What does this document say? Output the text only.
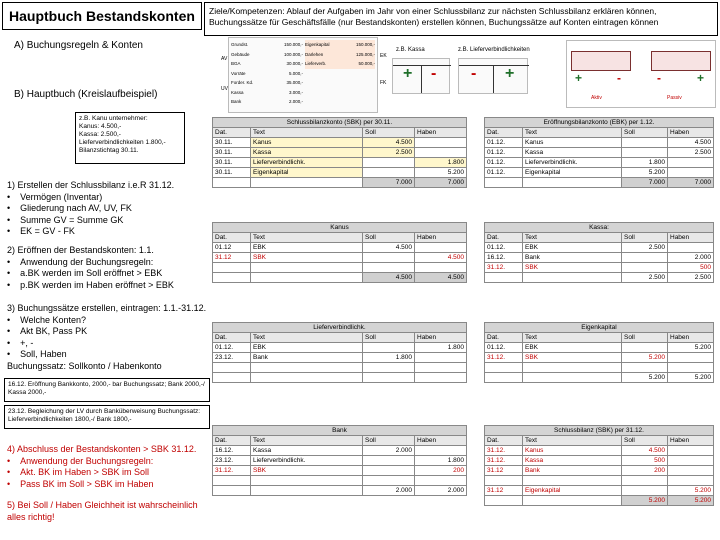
Hauptbuch Bestandskonten	Ziele/Kompetenzen: Ablauf der Aufgaben im Jahr von einer Schlussbilanz zur nächsten Schlussbilanz erklären können, Buchungssätze für Geschäftsfälle (nur Bestandskonten) erstellen können, Buchungssätze auf Konten eintragen können
A) Buchungsregeln & Konten
B) Hauptbuch (Kreislaufbeispiel)
z.B. Kanu unternehmer:
Kanus: 4.500,-
Kassa: 2.500,-
Lieferverbindlichkeiten 1.800,-
Bilanzstichtag 30.11.
1) Erstellen der Schlussbilanz i.e.R 31.12.
•    Vermögen (Inventar)
•    Gliederung nach AV, UV, FK
•    Summe GV = Summe GK
•    EK = GV - FK
2) Eröffnen der Bestandskonten: 1.1.
•    Anwendung der Buchungsregeln:
•    a.BK werden im Soll eröffnet > EBK
•    p.BK werden im Haben eröffnet > EBK
3) Buchungssätze erstellen, eintragen: 1.1.-31.12.
•    Welche Konten?
•    Akt BK, Pass PK
•    +, -
•    Soll, Haben
Buchungssatz: Sollkonto / Habenkonto
16.12. Eröffnung Bankkonto, 2000,- bar Buchungssatz; Bank 2000,-/ Kassa 2000,-
23.12. Begleichung der LV durch Banküberweisung Buchungssatz: Lieferverbindlichkeiten 1800,-/ Bank 1800,-
4) Abschluss der Bestandskonten > SBK 31.12.
•    Anwendung der Buchungsregeln:
•    Akt. BK im Haben > SBK im Soll
•    Pass BK im Soll > SBK im Haben
5) Bei Soll / Haben Gleichheit ist wahrscheinlich alles richtig!
Grundst.	150.000,-
Gebäude	100.000,-
BGA	30.000,-
Vorräte	5.000,-
Forder. Kd.	35.000,-
Kassa	3.000,-
Bank	2.000,-
Eigenkapital	150.000,-
Darlehen	125.000,-
Lieferverb.	50.000,-
AV
UV
EK
FK
z.B. Kassa	z.B. Lieferverbindlichkeiten
+ - - +	+	-	-	+
Aktiv	Passiv
Schlussbilanzkonto (SBK) per 30.11.			
Dat.	Text	Soll	Haben
30.11.	Kanus	4.500	
30.11.	Kassa	2.500	
30.11.	Lieferverbindlichk.		1.800
30.11.	Eigenkapital		5.200
		7.000	7.000
Eröffnungsbilanzkonto (EBK) per 1.12.			
Dat.	Text	Soll	Haben
01.12.	Kanus		4.500
01.12.	Kassa		2.500
01.12.	Lieferverbindlichk.	1.800	
01.12.	Eigenkapital	5.200	
		7.000	7.000
Kanus			
Dat.	Text	Soll	Haben
01.12	EBK	4.500	
31.12	SBK		4.500

		4.500	4.500
Kassa:			
Dat.	Text	Soll	Haben
01.12.	EBK	2.500	
16.12.	Bank		2.000
31.12.	SBK		500
		2.500	2.500
Lieferverbindlichk.			
Dat.	Text	Soll	Haben
01.12.	EBK		1.800
23.12.	Bank	1.800	

Eigenkapital			
Dat.	Text	Soll	Haben
01.12.	EBK		5.200
31.12.	SBK	5.200	

		5.200	5.200
Bank			
Dat.	Text	Soll	Haben
16.12.	Kassa	2.000	
23.12.	Lieferverbindlichk.		1.800
31.12.	SBK		200

		2.000	2.000
Schlussbilanz (SBK) per 31.12.			
Dat.	Text	Soll	Haben
31.12.	Kanus	4.500	
31.12.	Kassa	500	
31.12	Bank	200	

31.12	Eigenkapital		5.200
		5.200	5.200
